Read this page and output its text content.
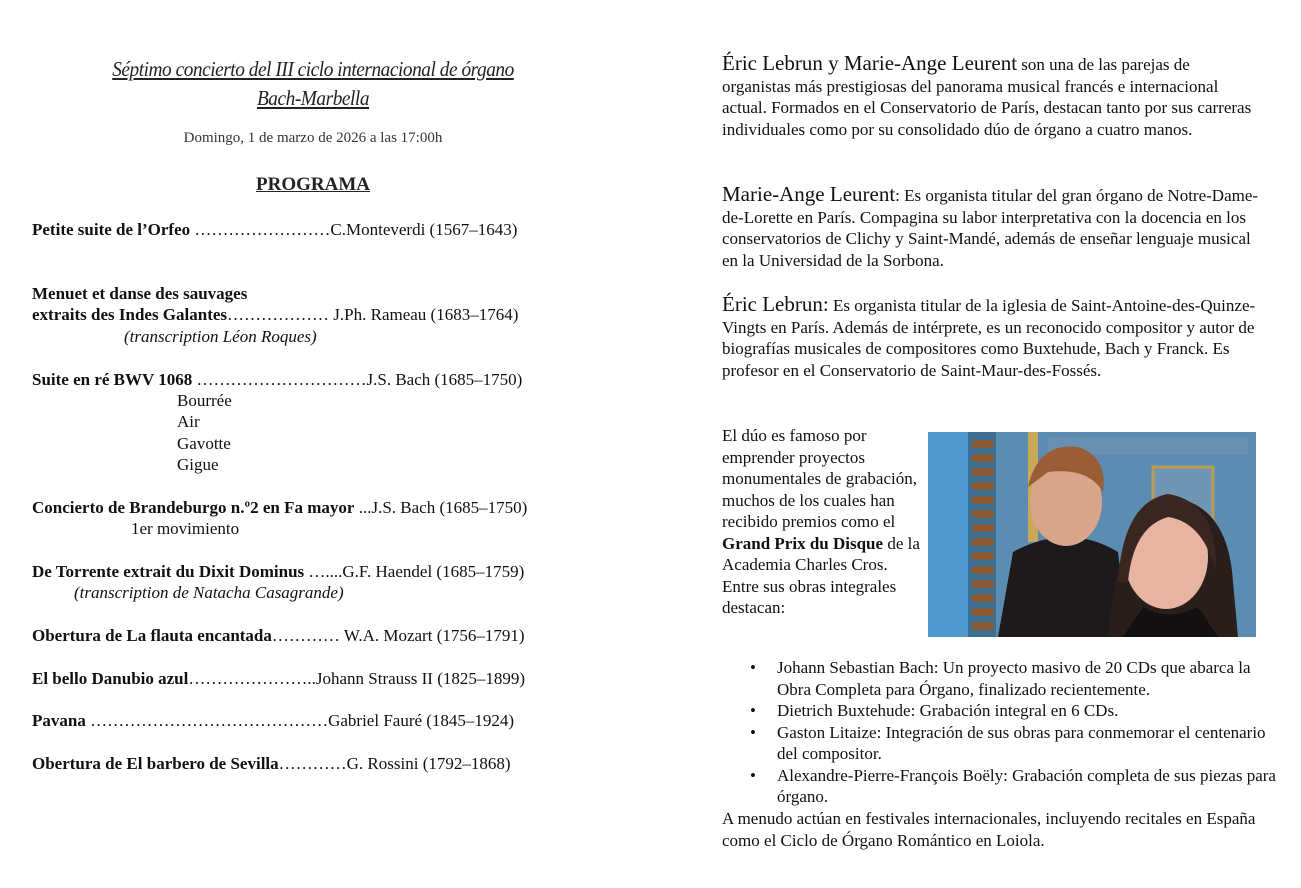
Séptimo concierto del III ciclo internacional de órgano
Bach-Marbella
Domingo, 1 de marzo de 2026 a las 17:00h
PROGRAMA
Petite suite de l’Orfeo ……………………C.Monteverdi (1567–1643)
Menuet et danse des sauvages
extraits des Indes Galantes……………… J.Ph. Rameau (1683–1764)
(transcription Léon Roques)
Suite en ré BWV 1068 …………………………J.S. Bach (1685–1750)
Bourrée
Air
Gavotte
Gigue
Concierto de Brandeburgo n.º2 en Fa mayor ...J.S. Bach (1685–1750)
1er movimiento
De Torrente extrait du Dixit Dominus …....G.F. Haendel (1685–1759)
(transcription de Natacha Casagrande)
Obertura de La flauta encantada………… W.A. Mozart (1756–1791)
El bello Danubio azul…………………..Johann Strauss II (1825–1899)
Pavana ……………………………………Gabriel Fauré (1845–1924)
Obertura de El barbero de Sevilla…………G. Rossini (1792–1868)
Éric Lebrun y Marie-Ange Leurent son una de las parejas de organistas más prestigiosas del panorama musical francés e internacional actual. Formados en el Conservatorio de París, destacan tanto por sus carreras individuales como por su consolidado dúo de órgano a cuatro manos.
Marie-Ange Leurent: Es organista titular del gran órgano de Notre-Dame-de-Lorette en París. Compagina su labor interpretativa con la docencia en los conservatorios de Clichy y Saint-Mandé, además de enseñar lenguaje musical en la Universidad de la Sorbona.
Éric Lebrun: Es organista titular de la iglesia de Saint-Antoine-des-Quinze-Vingts en París. Además de intérprete, es un reconocido compositor y autor de biografías musicales de compositores como Buxtehude, Bach y Franck. Es profesor en el Conservatorio de Saint-Maur-des-Fossés.
El dúo es famoso por emprender proyectos monumentales de grabación, muchos de los cuales han recibido premios como el Grand Prix du Disque de la Academia Charles Cros. Entre sus obras integrales destacan:
• Johann Sebastian Bach: Un proyecto masivo de 20 CDs que abarca la Obra Completa para Órgano, finalizado recientemente.
• Dietrich Buxtehude: Grabación integral en 6 CDs.
• Gaston Litaize: Integración de sus obras para conmemorar el centenario del compositor.
• Alexandre-Pierre-François Boëly: Grabación completa de sus piezas para órgano.
A menudo actúan en festivales internacionales, incluyendo recitales en España como el Ciclo de Órgano Romántico en Loiola.
